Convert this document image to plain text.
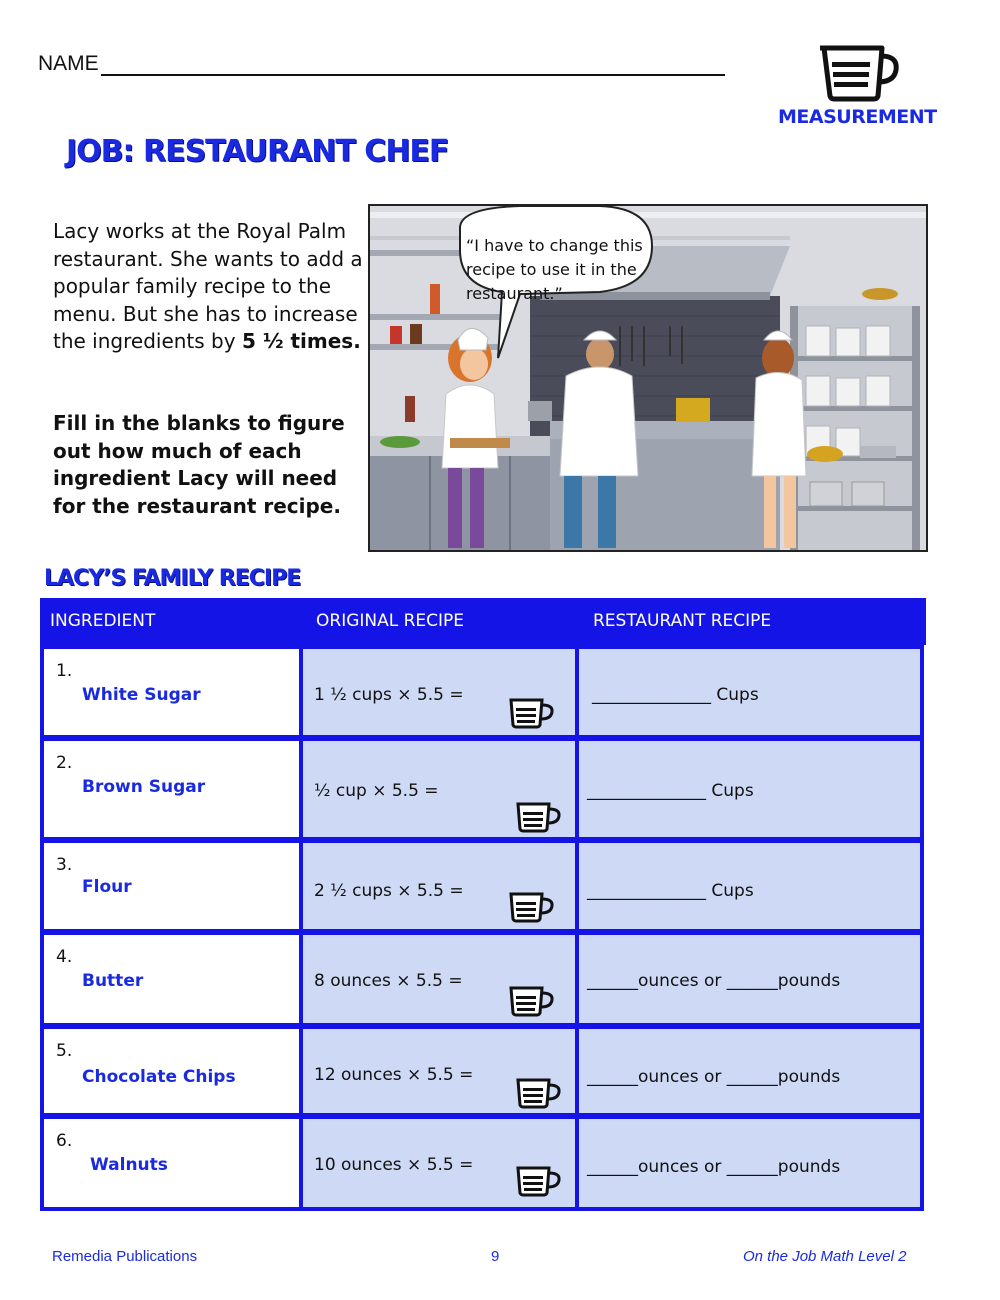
NAME
MEASUREMENT
JOB: RESTAURANT CHEF
Lacy works at the Royal Palm restaurant. She wants to add a popular family recipe to the menu. But she has to increase the ingredients by 5 ½ times.
Fill in the blanks to figure out how much of each ingredient Lacy will need for the restaurant recipe.
“I have to change this recipe to use it in the restaurant.”
LACY’S FAMILY RECIPE
INGREDIENT	ORIGINAL RECIPE	RESTAURANT RECIPE
1.
White Sugar	1 ½ cups × 5.5 =	______________ Cups
2.
Brown Sugar	½ cup × 5.5 =	______________ Cups
3.
Flour	2 ½ cups × 5.5 =	______________ Cups
4.
Butter	8 ounces × 5.5 =	______ounces or ______pounds
5.
Chocolate Chips	12 ounces × 5.5 =	______ounces or ______pounds
6.
Walnuts	10 ounces × 5.5 =	______ounces or ______pounds
Remedia Publications	9	On the Job Math Level 2
